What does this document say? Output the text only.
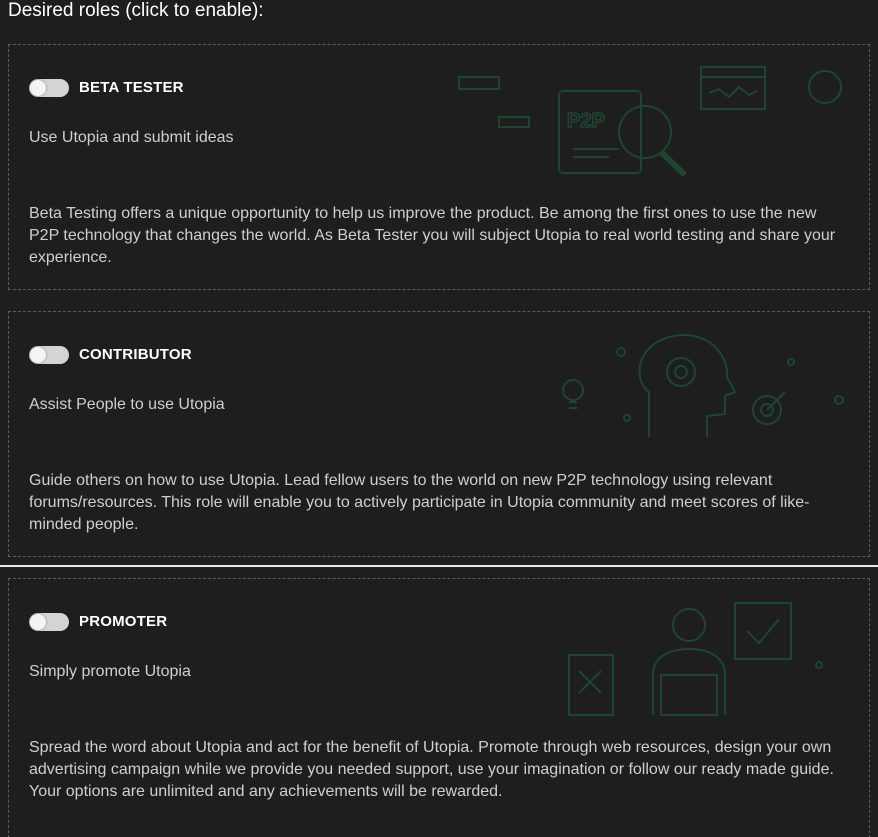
Desired roles (click to enable):
P2P
BETA TESTER
Use Utopia and submit ideas
Beta Testing offers a unique opportunity to help us improve the product. Be among the first ones to use the new P2P technology that changes the world. As Beta Tester you will subject Utopia to real world testing and share your experience.
CONTRIBUTOR
Assist People to use Utopia
Guide others on how to use Utopia. Lead fellow users to the world on new P2P technology using relevant forums/resources. This role will enable you to actively participate in Utopia community and meet scores of like-minded people.
PROMOTER
Simply promote Utopia
Spread the word about Utopia and act for the benefit of Utopia. Promote through web resources, design your own advertising campaign while we provide you needed support, use your imagination or follow our ready made guide. Your options are unlimited and any achievements will be rewarded.
